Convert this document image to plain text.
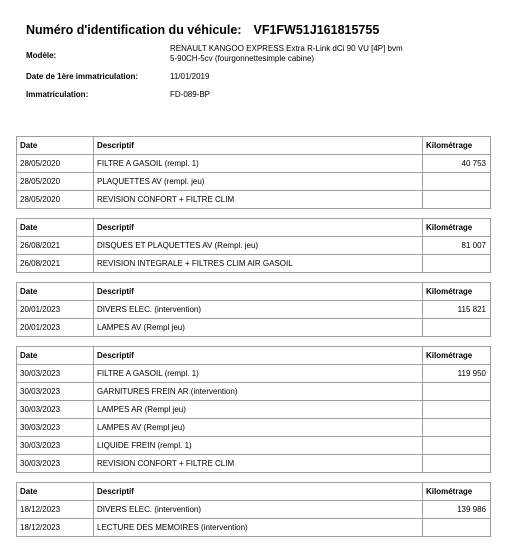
Numéro d'identification du véhicule: VF1FW51J161815755
Modèle:
RENAULT KANGOO EXPRESS Extra R-Link dCi 90 VU [4P] bvm
5-90CH-5cv (fourgonnettesimple cabine)
Date de 1ère immatriculation:	11/01/2019
Immatriculation:	FD-089-BP
Date	Descriptif	Kilométrage
28/05/2020	FILTRE A GASOIL (rempl. 1)	40 753
28/05/2020	PLAQUETTES AV (rempl. jeu)	
28/05/2020	REVISION CONFORT + FILTRE CLIM	
Date	Descriptif	Kilométrage
26/08/2021	DISQUES ET PLAQUETTES AV (Rempl. jeu)	81 007
26/08/2021	REVISION INTEGRALE + FILTRES CLIM AIR GASOIL	
Date	Descriptif	Kilométrage
20/01/2023	DIVERS ELEC. (intervention)	115 821
20/01/2023	LAMPES AV (Rempl jeu)	
Date	Descriptif	Kilométrage
30/03/2023	FILTRE A GASOIL (rempl. 1)	119 950
30/03/2023	GARNITURES FREIN AR (intervention)	
30/03/2023	LAMPES AR (Rempl jeu)	
30/03/2023	LAMPES AV (Rempl jeu)	
30/03/2023	LIQUIDE FREIN (rempl. 1)	
30/03/2023	REVISION CONFORT + FILTRE CLIM	
Date	Descriptif	Kilométrage
18/12/2023	DIVERS ELEC. (intervention)	139 986
18/12/2023	LECTURE DES MEMOIRES (intervention)	
